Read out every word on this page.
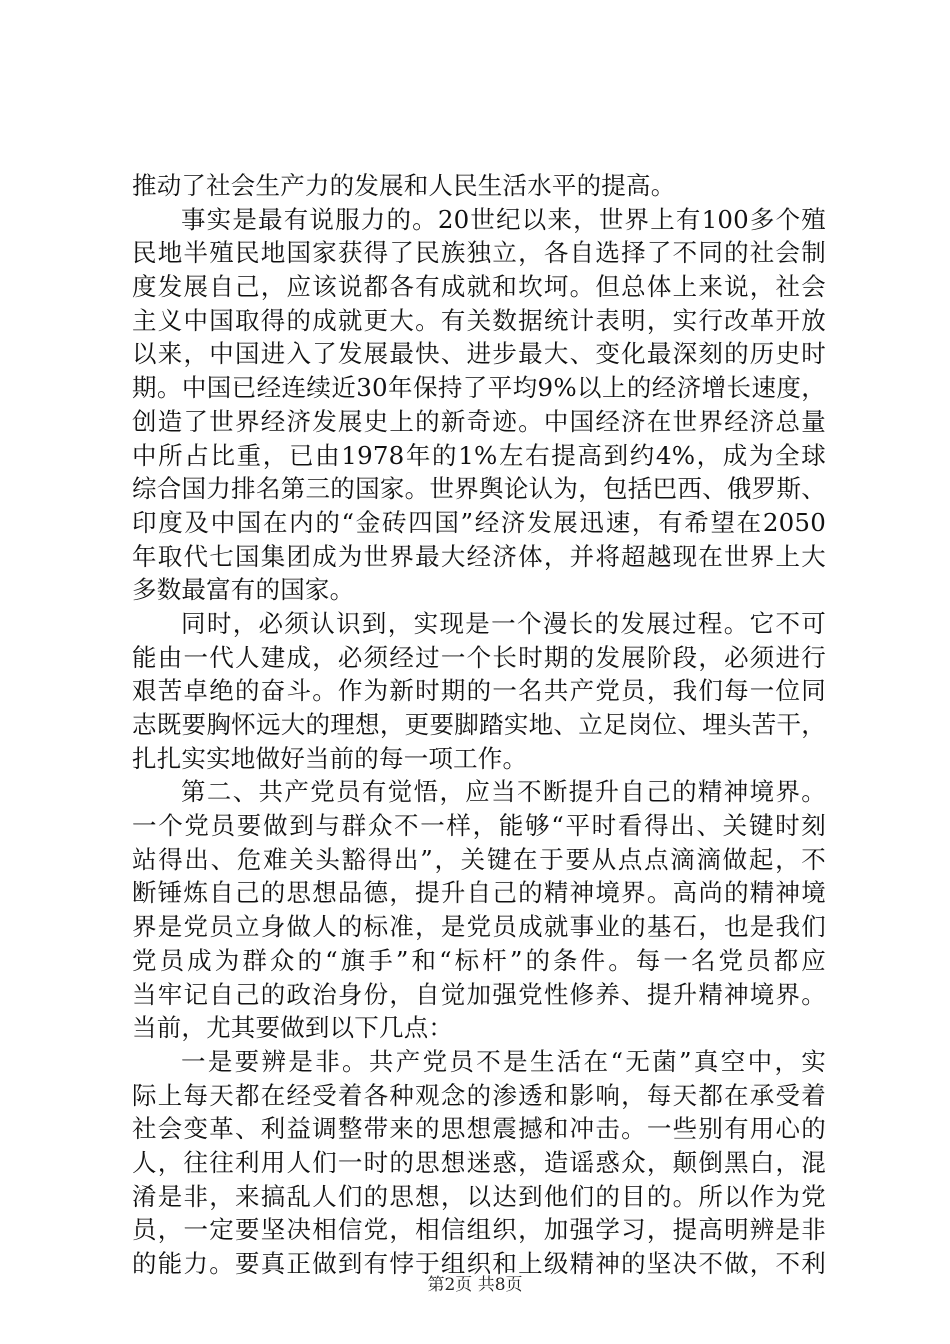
推动了社会生产力的发展和人民生活水平的提高。
事实是最有说服力的。20世纪以来，世界上有100多个殖
民地半殖民地国家获得了民族独立，各自选择了不同的社会制
度发展自己，应该说都各有成就和坎坷。但总体上来说，社会
主义中国取得的成就更大。有关数据统计表明，实行改革开放
以来，中国进入了发展最快、进步最大、变化最深刻的历史时
期。中国已经连续近30年保持了平均9%以上的经济增长速度，
创造了世界经济发展史上的新奇迹。中国经济在世界经济总量
中所占比重，已由1978年的1%左右提高到约4%，成为全球
综合国力排名第三的国家。世界舆论认为，包括巴西、俄罗斯、
印度及中国在内的“金砖四国”经济发展迅速，有希望在2050
年取代七国集团成为世界最大经济体，并将超越现在世界上大
多数最富有的国家。
同时，必须认识到，实现是一个漫长的发展过程。它不可
能由一代人建成，必须经过一个长时期的发展阶段，必须进行
艰苦卓绝的奋斗。作为新时期的一名共产党员，我们每一位同
志既要胸怀远大的理想，更要脚踏实地、立足岗位、埋头苦干，
扎扎实实地做好当前的每一项工作。
第二、共产党员有觉悟，应当不断提升自己的精神境界。
一个党员要做到与群众不一样，能够“平时看得出、关键时刻
站得出、危难关头豁得出”，关键在于要从点点滴滴做起，不
断锤炼自己的思想品德，提升自己的精神境界。高尚的精神境
界是党员立身做人的标准，是党员成就事业的基石，也是我们
党员成为群众的“旗手”和“标杆”的条件。每一名党员都应
当牢记自己的政治身份，自觉加强党性修养、提升精神境界。
当前，尤其要做到以下几点：
一是要辨是非。共产党员不是生活在“无菌”真空中，实
际上每天都在经受着各种观念的渗透和影响，每天都在承受着
社会变革、利益调整带来的思想震撼和冲击。一些别有用心的
人，往往利用人们一时的思想迷惑，造谣惑众，颠倒黑白，混
淆是非，来搞乱人们的思想，以达到他们的目的。所以作为党
员，一定要坚决相信党，相信组织，加强学习，提高明辨是非
的能力。要真正做到有悖于组织和上级精神的坚决不做，不利
第2页 共8页
